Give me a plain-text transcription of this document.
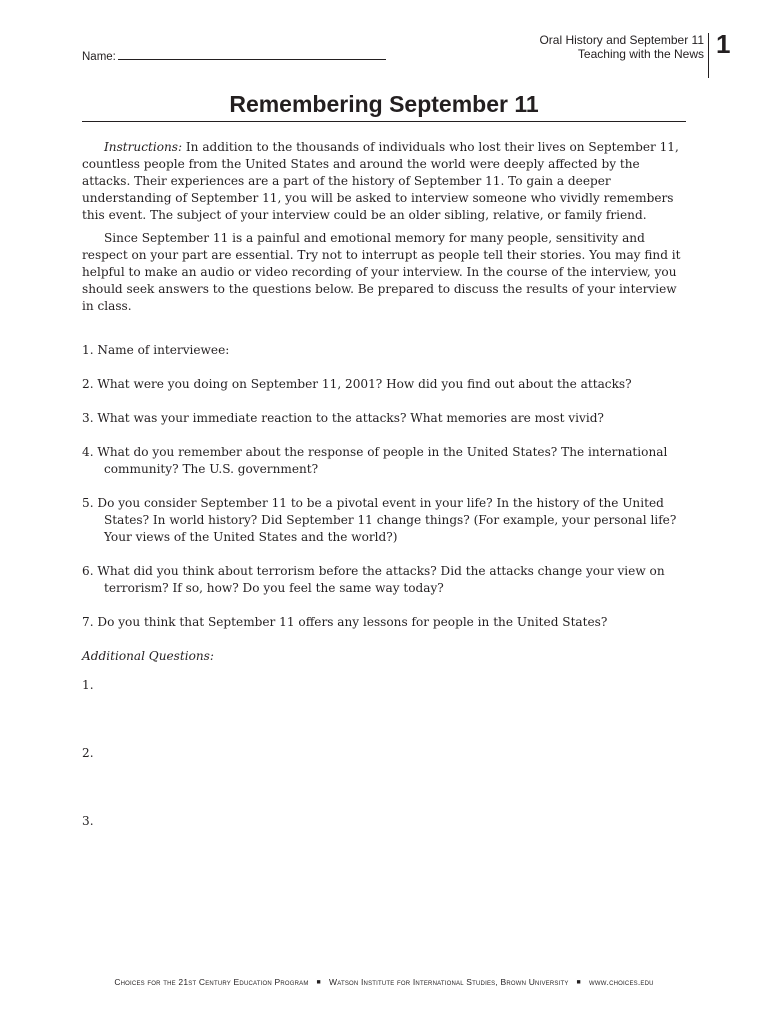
Oral History and September 11
Teaching with the News 1
Name:
Remembering September 11

Instructions: In addition to the thousands of individuals who lost their lives on September 11, countless people from the United States and around the world were deeply affected by the attacks. Their experiences are a part of the history of September 11. To gain a deeper understanding of September 11, you will be asked to interview someone who vividly remembers this event. The subject of your interview could be an older sibling, relative, or family friend.

Since September 11 is a painful and emotional memory for many people, sensitivity and respect on your part are essential. Try not to interrupt as people tell their stories. You may find it helpful to make an audio or video recording of your interview. In the course of the interview, you should seek answers to the questions below. Be prepared to discuss the results of your interview in class.

1. Name of interviewee:

2. What were you doing on September 11, 2001? How did you find out about the attacks?

3. What was your immediate reaction to the attacks? What memories are most vivid?

4. What do you remember about the response of people in the United States? The international community? The U.S. government?

5. Do you consider September 11 to be a pivotal event in your life? In the history of the United States? In world history? Did September 11 change things? (For example, your personal life? Your views of the United States and the world?)

6. What did you think about terrorism before the attacks? Did the attacks change your view on terrorism? If so, how? Do you feel the same way today?

7. Do you think that September 11 offers any lessons for people in the United States?

Additional Questions:

1.

2.

3.

Choices for the 21st Century Education Program ■ Watson Institute for International Studies, Brown University ■ www.choices.edu
